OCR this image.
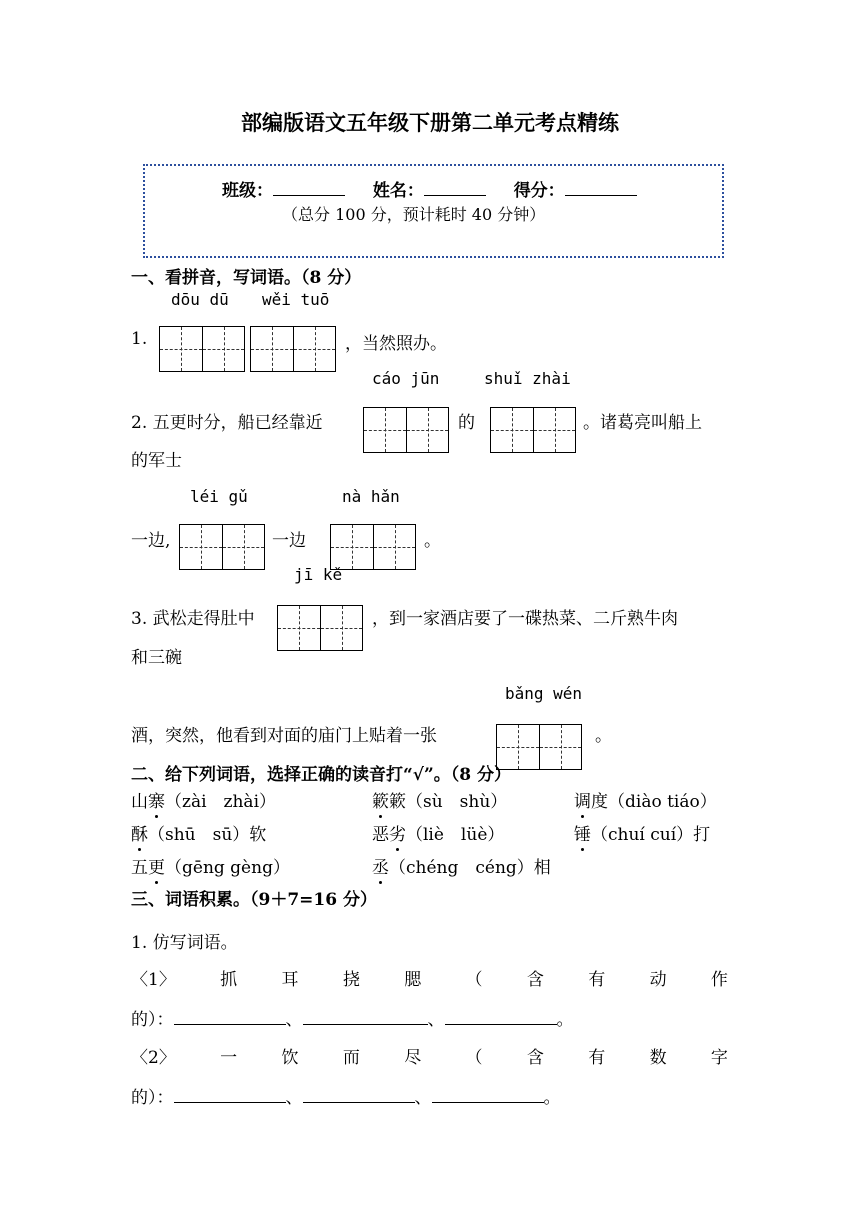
部编版语文五年级下册第二单元考点精练
班级：	姓名：	得分：
（总分 100 分，预计耗时 40 分钟）
一、看拼音，写词语。（8 分）
dōu dū wěi tuō
1.	，当然照办。
cáo jūn	shuǐ zhài
2. 五更时分，船已经靠近	的	。诸葛亮叫船上
的军士
léi gǔ	nà hǎn
一边,	一边	。
jī kě
3. 武松走得肚中	，到一家酒店要了一碟热菜、二斤熟牛肉
和三碗
bǎng wén
酒，突然，他看到对面的庙门上贴着一张	。
二、给下列词语，选择正确的读音打“√”。（8 分）
山寨（zài　zhài）	簌簌（sù　shù）	调度（diào tiáo）
酥（shū　sū）软	恶劣（liè　lüè）	锤（chuí cuí）打
五更（gēng gèng）	丞（chéng　céng）相
三、词语积累。（9＋7=16 分）
1. 仿写词语。
〈1〉	抓	耳	挠	腮	（	含	有	动	作
的）：	、	、	。
〈2〉	一	饮	而	尽	（	含	有	数	字
的）：	、	、	。
